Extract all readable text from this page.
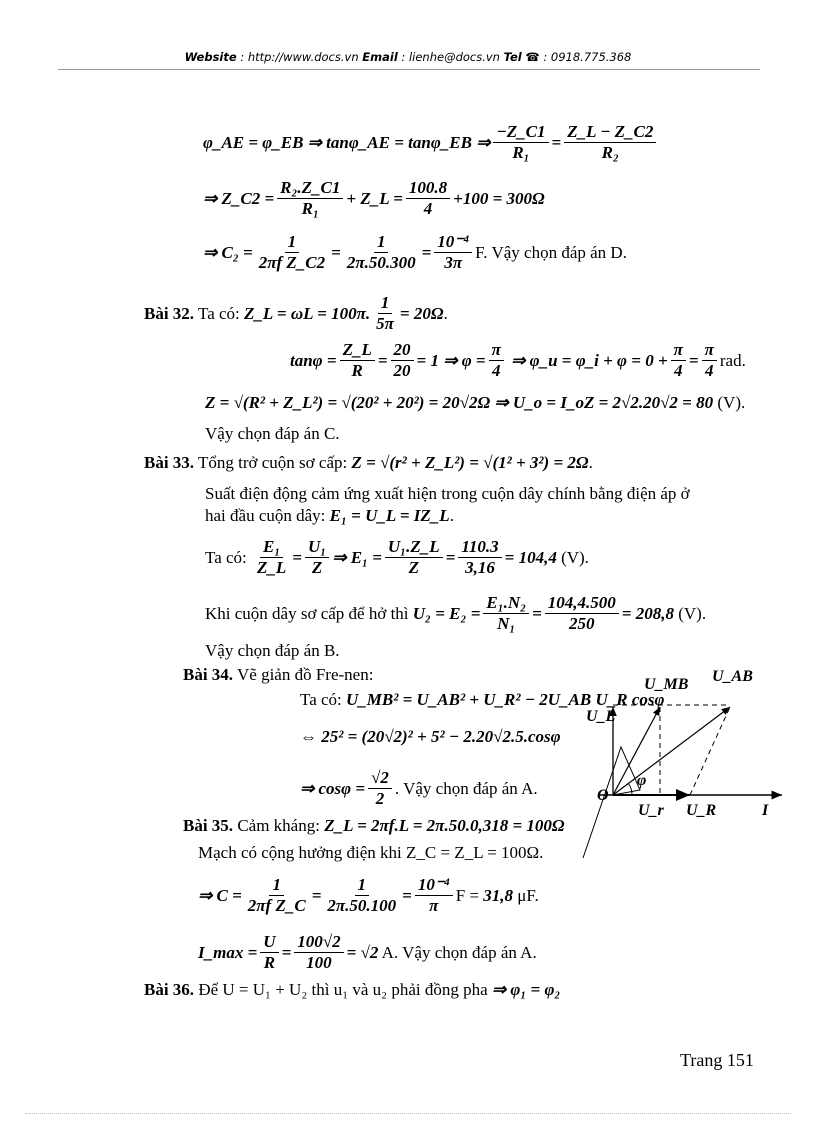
Website : http://www.docs.vn Email : lienhe@docs.vn Tel ☎ : 0918.775.368
φ_AE = φ_EB ⇒ tanφ_AE = tanφ_EB ⇒ $\frac{-Z\_C1}{\text{R₁}} = \frac{Z\_L - Z\_C2}{\text{R₂}}$
⇒ Z_C2 = $\frac{\text{R₂.Z\_C1}}{\text{R₁}}$ + Z_L = $\frac{100.8}{4} +100 = 300\Omega$
⇒ $C_2 = \frac{1}{\text{2πf Z\_C2}} = \frac{1}{2\pi.50.300} = \frac{\text{10⁻⁴}}{3\pi} F$. Vậy chọn đáp án D.
Bài 32. Ta có: Z_L = ωL = 100π. $\frac{1}{5\pi} = 20\Omega$ .
$\tan\varphi = \frac{Z\_L}{R} = \frac{20}{20} = 1$ ⇒ $\varphi = \frac{\pi}{4}$ ⇒ φ_u = φ_i + $\varphi = 0 + \frac{\pi}{4} = \frac{\pi}{4}$ rad.
Z = √(R² + Z_L²) = √(20² + 20²) = 20√2Ω ⇒ U_o = I_oZ = 2√2.20√2 = 80 (V).
Vậy chọn đáp án C.
Bài 33. Tổng trở cuộn sơ cấp: Z = √(r² + Z_L²) = √(1² + 3²) = 2Ω .
Suất điện động cảm ứng xuất hiện trong cuộn dây chính bằng điện áp ở
hai đầu cuộn dây: E₁ = U_L = IZ_L .
Ta có: $\frac{\text{E₁}}{Z\_L} = \frac{\text{U₁}}{Z}$ ⇒ $E_1 = \frac{\text{U₁.Z\_L}}{Z} = \frac{110.3}{3,16} = 104,4$ (V).
Khi cuộn dây sơ cấp để hở thì $U_2 = E_2 = \frac{\text{E₁.N₂}}{\text{N₁}} = \frac{104,4.500}{250} = 208,8$ (V).
Vậy chọn đáp án B.
Bài 34. Vẽ giản đồ Fre-nen:
Ta có: U_MB² = U_AB² + U_R² − 2U_AB U_R cosφ
⇔ 25² = (20√2)² + 5² − 2.20√2.5.cosφ
⇒ $\cos\varphi = \frac{√2}{2}$ . Vậy chọn đáp án A.
Bài 35. Cảm kháng: Z_L = 2πf.L = 2π.50.0,318 = 100Ω
Mạch có cộng hưởng điện khi Z_C = Z_L = 100Ω.
⇒ $C = \frac{1}{\text{2πf Z\_C}} = \frac{1}{2\pi.50.100} = \frac{\text{10⁻⁴}}{\pi}$ F = 31,8 μF.
I_max = $\frac{U}{R} = \frac{100√2}{100} = √2$ A. Vậy chọn đáp án A.
Bài 36. Để U = U₁ + U₂ thì u₁ và u₂ phải đồng pha ⇒ φ₁ = φ₂
U_MB U_AB
U_L
φ
O
U_r U_R	I
Trang 151
